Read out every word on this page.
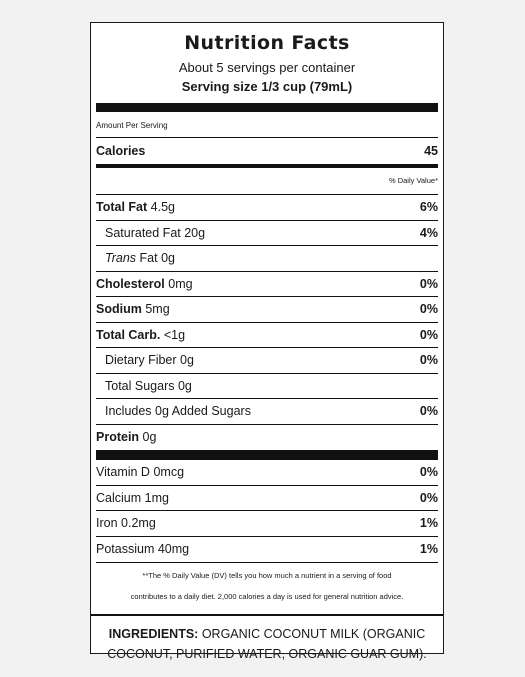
Nutrition Facts
About 5 servings per container
Serving size 1/3 cup (79mL)
Amount Per Serving
Calories	45
% Daily Value*
Total Fat 4.5g	6%
Saturated Fat 20g	4%
Trans Fat 0g
Cholesterol 0mg	0%
Sodium 5mg	0%
Total Carb. <1g	0%
Dietary Fiber 0g	0%
Total Sugars 0g
Includes 0g Added Sugars	0%
Protein 0g
Vitamin D 0mcg	0%
Calcium 1mg	0%
Iron 0.2mg	1%
Potassium 40mg	1%
**The % Daily Value (DV) tells you how much a nutrient in a serving of food
contributes to a daily diet. 2,000 calories a day is used for general nutrition advice.
INGREDIENTS: ORGANIC COCONUT MILK (ORGANIC COCONUT, PURIFIED WATER, ORGANIC GUAR GUM).
